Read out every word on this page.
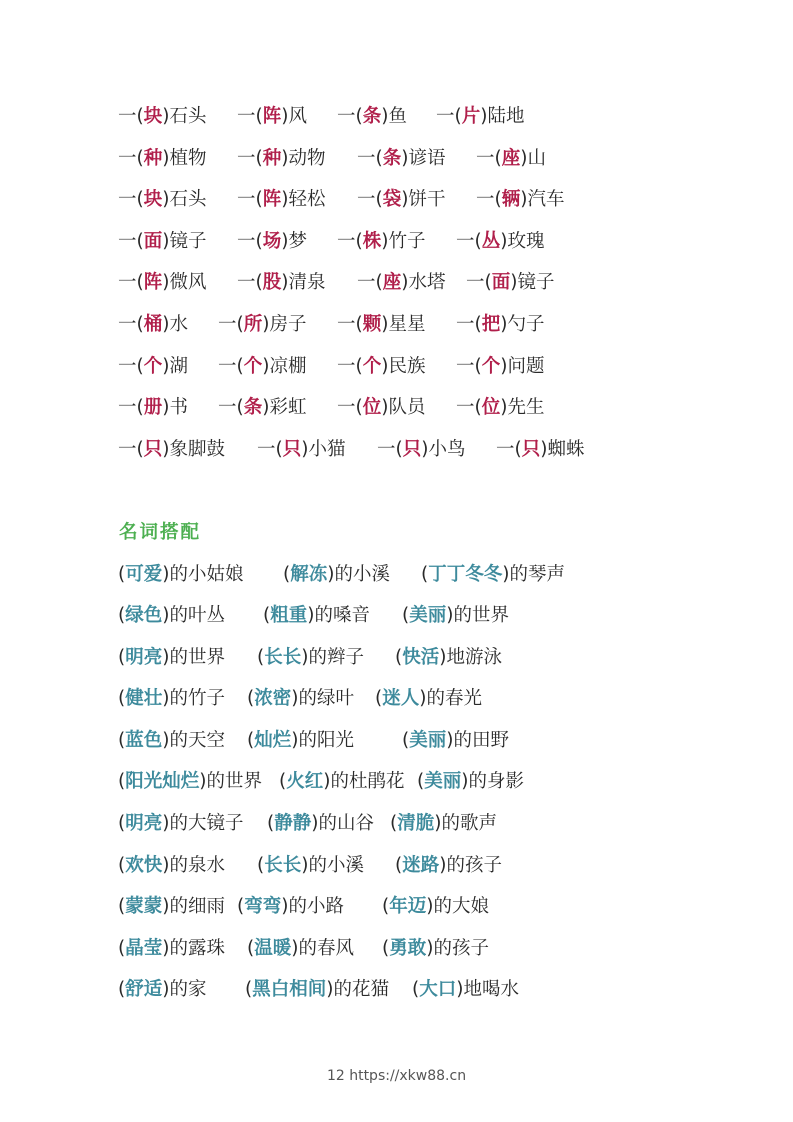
一(块)石头 一(阵)风 一(条)鱼 一(片)陆地
一(种)植物 一(种)动物 一(条)谚语 一(座)山
一(块)石头 一(阵)轻松 一(袋)饼干 一(辆)汽车
一(面)镜子 一(场)梦 一(株)竹子 一(丛)玫瑰
一(阵)微风 一(股)清泉 一(座)水塔 一(面)镜子
一(桶)水 一(所)房子 一(颗)星星 一(把)勺子
一(个)湖 一(个)凉棚 一(个)民族 一(个)问题
一(册)书 一(条)彩虹 一(位)队员 一(位)先生
一(只)象脚鼓 一(只)小猫 一(只)小鸟 一(只)蜘蛛
名词搭配
(可爱)的小姑娘 (解冻)的小溪 (丁丁冬冬)的琴声
(绿色)的叶丛 (粗重)的嗓音 (美丽)的世界
(明亮)的世界 (长长)的辫子 (快活)地游泳
(健壮)的竹子 (浓密)的绿叶 (迷人)的春光
(蓝色)的天空 (灿烂)的阳光	(美丽)的田野
(阳光灿烂)的世界 (火红)的杜鹃花 (美丽)的身影
(明亮)的大镜子 (静静)的山谷 (清脆)的歌声
(欢快)的泉水 (长长)的小溪 (迷路)的孩子
(蒙蒙)的细雨 (弯弯)的小路 (年迈)的大娘
(晶莹)的露珠 (温暖)的春风 (勇敢)的孩子
(舒适)的家 (黑白相间)的花猫 (大口)地喝水
12 https://xkw88.cn
